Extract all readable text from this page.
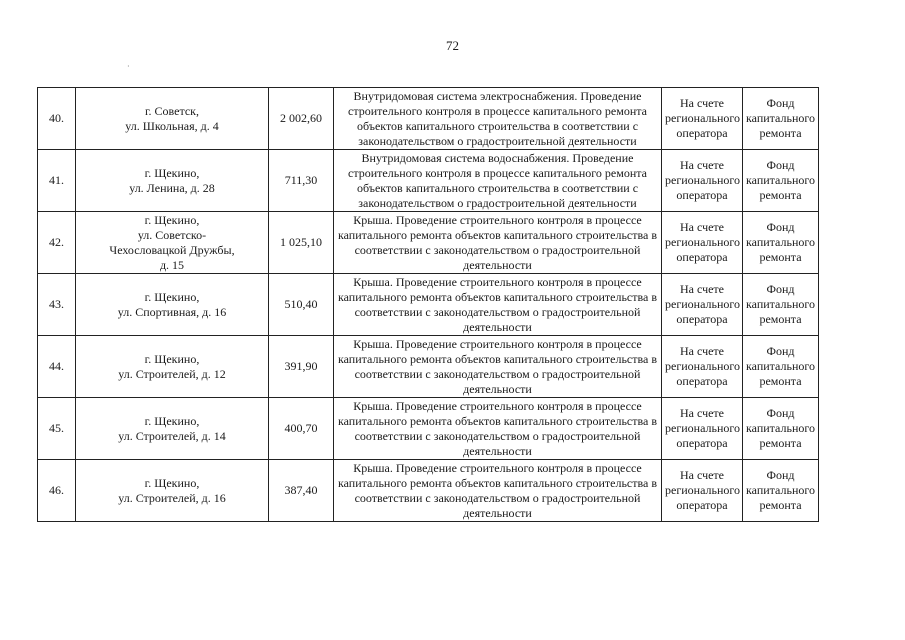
72
·
40.	г. Советск,
ул. Школьная, д. 4	2 002,60	Внутридомовая система электроснабжения. Проведение строительного контроля в процессе капитального ремонта объектов капитального строительства в соответствии с законодательством о градостроительной деятельности	На счете регионального оператора	Фонд капитального ремонта
41.	г. Щекино,
ул. Ленина, д. 28	711,30	Внутридомовая система водоснабжения. Проведение строительного контроля в процессе капитального ремонта объектов капитального строительства в соответствии с законодательством о градостроительной деятельности	На счете регионального оператора	Фонд капитального ремонта
42.	г. Щекино,
ул. Советско-
Чехословацкой Дружбы,
д. 15	1 025,10	Крыша. Проведение строительного контроля в процессе капитального ремонта объектов капитального строительства в соответствии с законодательством о градостроительной деятельности	На счете регионального оператора	Фонд капитального ремонта
43.	г. Щекино,
ул. Спортивная, д. 16	510,40	Крыша. Проведение строительного контроля в процессе капитального ремонта объектов капитального строительства в соответствии с законодательством о градостроительной деятельности	На счете регионального оператора	Фонд капитального ремонта
44.	г. Щекино,
ул. Строителей, д. 12	391,90	Крыша. Проведение строительного контроля в процессе капитального ремонта объектов капитального строительства в соответствии с законодательством о градостроительной деятельности	На счете регионального оператора	Фонд капитального ремонта
45.	г. Щекино,
ул. Строителей, д. 14	400,70	Крыша. Проведение строительного контроля в процессе капитального ремонта объектов капитального строительства в соответствии с законодательством о градостроительной деятельности	На счете регионального оператора	Фонд капитального ремонта
46.	г. Щекино,
ул. Строителей, д. 16	387,40	Крыша. Проведение строительного контроля в процессе капитального ремонта объектов капитального строительства в соответствии с законодательством о градостроительной деятельности	На счете регионального оператора	Фонд капитального ремонта
